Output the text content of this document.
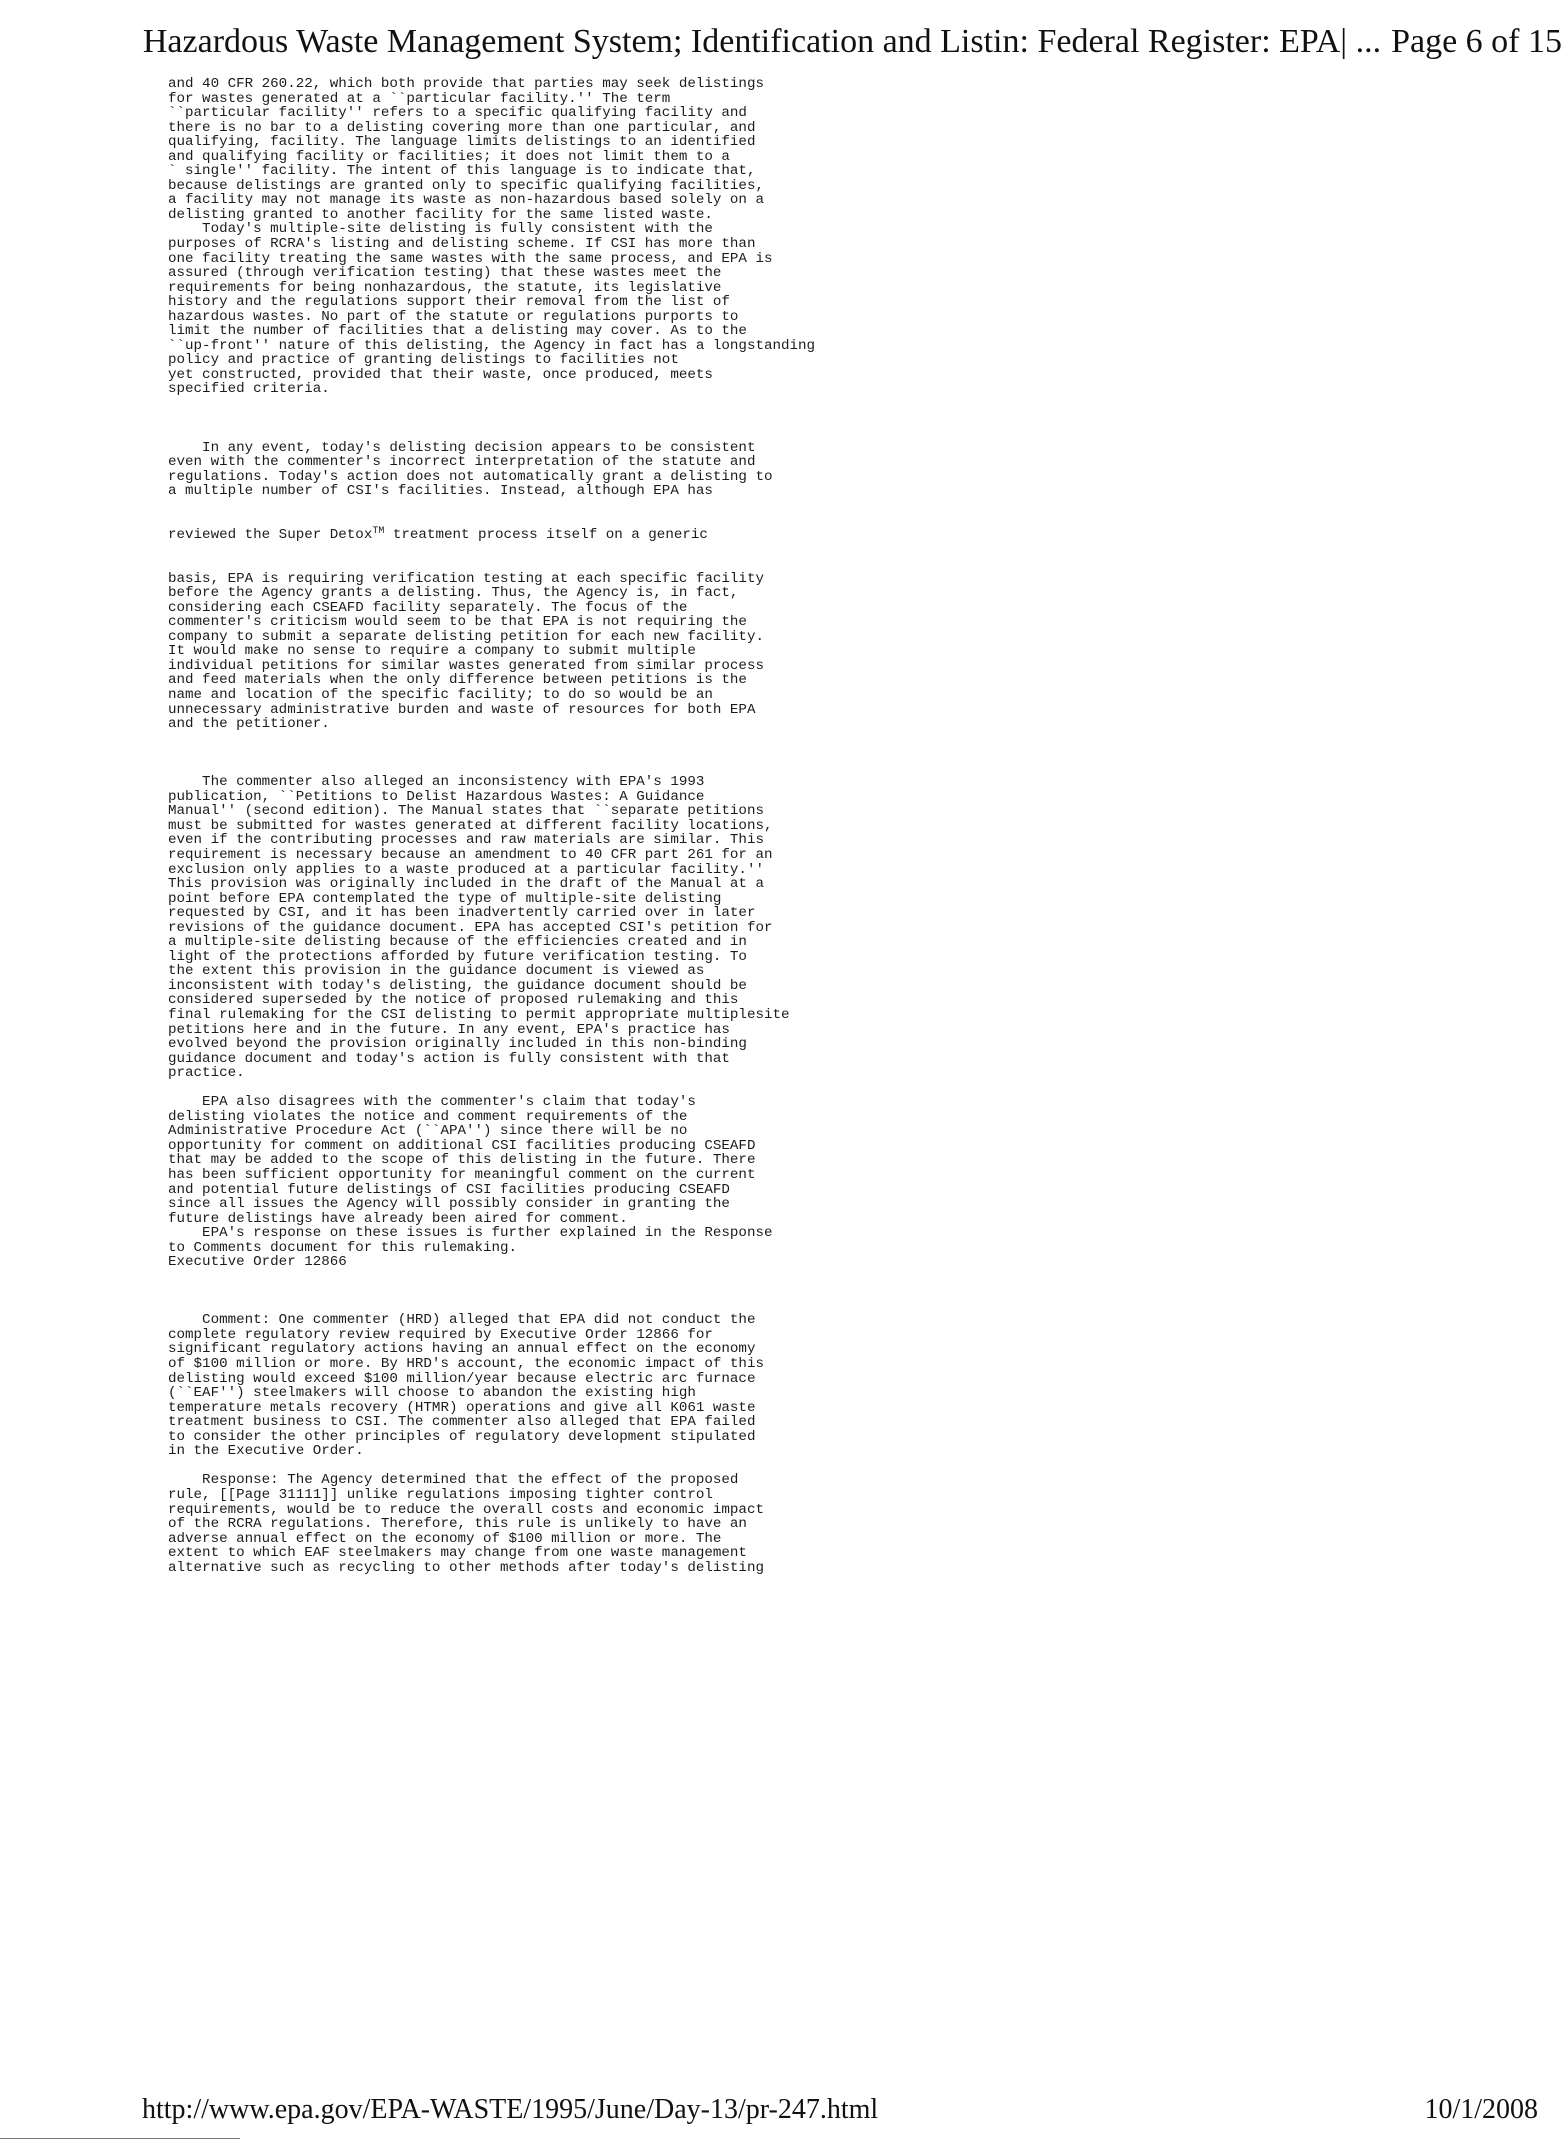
Hazardous Waste Management System; Identification and Listin: Federal Register: EPA| ... Page 6 of 15
and 40 CFR 260.22, which both provide that parties may seek delistings
for wastes generated at a ``particular facility.'' The term
``particular facility'' refers to a specific qualifying facility and
there is no bar to a delisting covering more than one particular, and
qualifying, facility. The language limits delistings to an identified
and qualifying facility or facilities; it does not limit them to a
` single'' facility. The intent of this language is to indicate that,
because delistings are granted only to specific qualifying facilities,
a facility may not manage its waste as non-hazardous based solely on a
delisting granted to another facility for the same listed waste.
Today's multiple-site delisting is fully consistent with the
purposes of RCRA's listing and delisting scheme. If CSI has more than
one facility treating the same wastes with the same process, and EPA is
assured (through verification testing) that these wastes meet the
requirements for being nonhazardous, the statute, its legislative
history and the regulations support their removal from the list of
hazardous wastes. No part of the statute or regulations purports to
limit the number of facilities that a delisting may cover. As to the
``up-front'' nature of this delisting, the Agency in fact has a longstanding
policy and practice of granting delistings to facilities not
yet constructed, provided that their waste, once produced, meets
specified criteria.

In any event, today's delisting decision appears to be consistent
even with the commenter's incorrect interpretation of the statute and
regulations. Today's action does not automatically grant a delisting to
a multiple number of CSI's facilities. Instead, although EPA has

reviewed the Super Detox™ treatment process itself on a generic

basis, EPA is requiring verification testing at each specific facility
before the Agency grants a delisting. Thus, the Agency is, in fact,
considering each CSEAFD facility separately. The focus of the
commenter's criticism would seem to be that EPA is not requiring the
company to submit a separate delisting petition for each new facility.
It would make no sense to require a company to submit multiple
individual petitions for similar wastes generated from similar process
and feed materials when the only difference between petitions is the
name and location of the specific facility; to do so would be an
unnecessary administrative burden and waste of resources for both EPA
and the petitioner.

The commenter also alleged an inconsistency with EPA's 1993
publication, ``Petitions to Delist Hazardous Wastes: A Guidance
Manual'' (second edition). The Manual states that ``separate petitions
must be submitted for wastes generated at different facility locations,
even if the contributing processes and raw materials are similar. This
requirement is necessary because an amendment to 40 CFR part 261 for an
exclusion only applies to a waste produced at a particular facility.''
This provision was originally included in the draft of the Manual at a
point before EPA contemplated the type of multiple-site delisting
requested by CSI, and it has been inadvertently carried over in later
revisions of the guidance document. EPA has accepted CSI's petition for
a multiple-site delisting because of the efficiencies created and in
light of the protections afforded by future verification testing. To
the extent this provision in the guidance document is viewed as
inconsistent with today's delisting, the guidance document should be
considered superseded by the notice of proposed rulemaking and this
final rulemaking for the CSI delisting to permit appropriate multiplesite
petitions here and in the future. In any event, EPA's practice has
evolved beyond the provision originally included in this non-binding
guidance document and today's action is fully consistent with that
practice.
EPA also disagrees with the commenter's claim that today's
delisting violates the notice and comment requirements of the
Administrative Procedure Act (``APA'') since there will be no
opportunity for comment on additional CSI facilities producing CSEAFD
that may be added to the scope of this delisting in the future. There
has been sufficient opportunity for meaningful comment on the current
and potential future delistings of CSI facilities producing CSEAFD
since all issues the Agency will possibly consider in granting the
future delistings have already been aired for comment.
EPA's response on these issues is further explained in the Response
to Comments document for this rulemaking.
Executive Order 12866
Comment: One commenter (HRD) alleged that EPA did not conduct the
complete regulatory review required by Executive Order 12866 for
significant regulatory actions having an annual effect on the economy
of $100 million or more. By HRD's account, the economic impact of this
delisting would exceed $100 million/year because electric arc furnace
(``EAF'') steelmakers will choose to abandon the existing high
temperature metals recovery (HTMR) operations and give all K061 waste
treatment business to CSI. The commenter also alleged that EPA failed
to consider the other principles of regulatory development stipulated
in the Executive Order.
Response: The Agency determined that the effect of the proposed
rule, [[Page 31111]] unlike regulations imposing tighter control
requirements, would be to reduce the overall costs and economic impact
of the RCRA regulations. Therefore, this rule is unlikely to have an
adverse annual effect on the economy of $100 million or more. The
extent to which EAF steelmakers may change from one waste management
alternative such as recycling to other methods after today's delisting
http://www.epa.gov/EPA-WASTE/1995/June/Day-13/pr-247.html	10/1/2008
